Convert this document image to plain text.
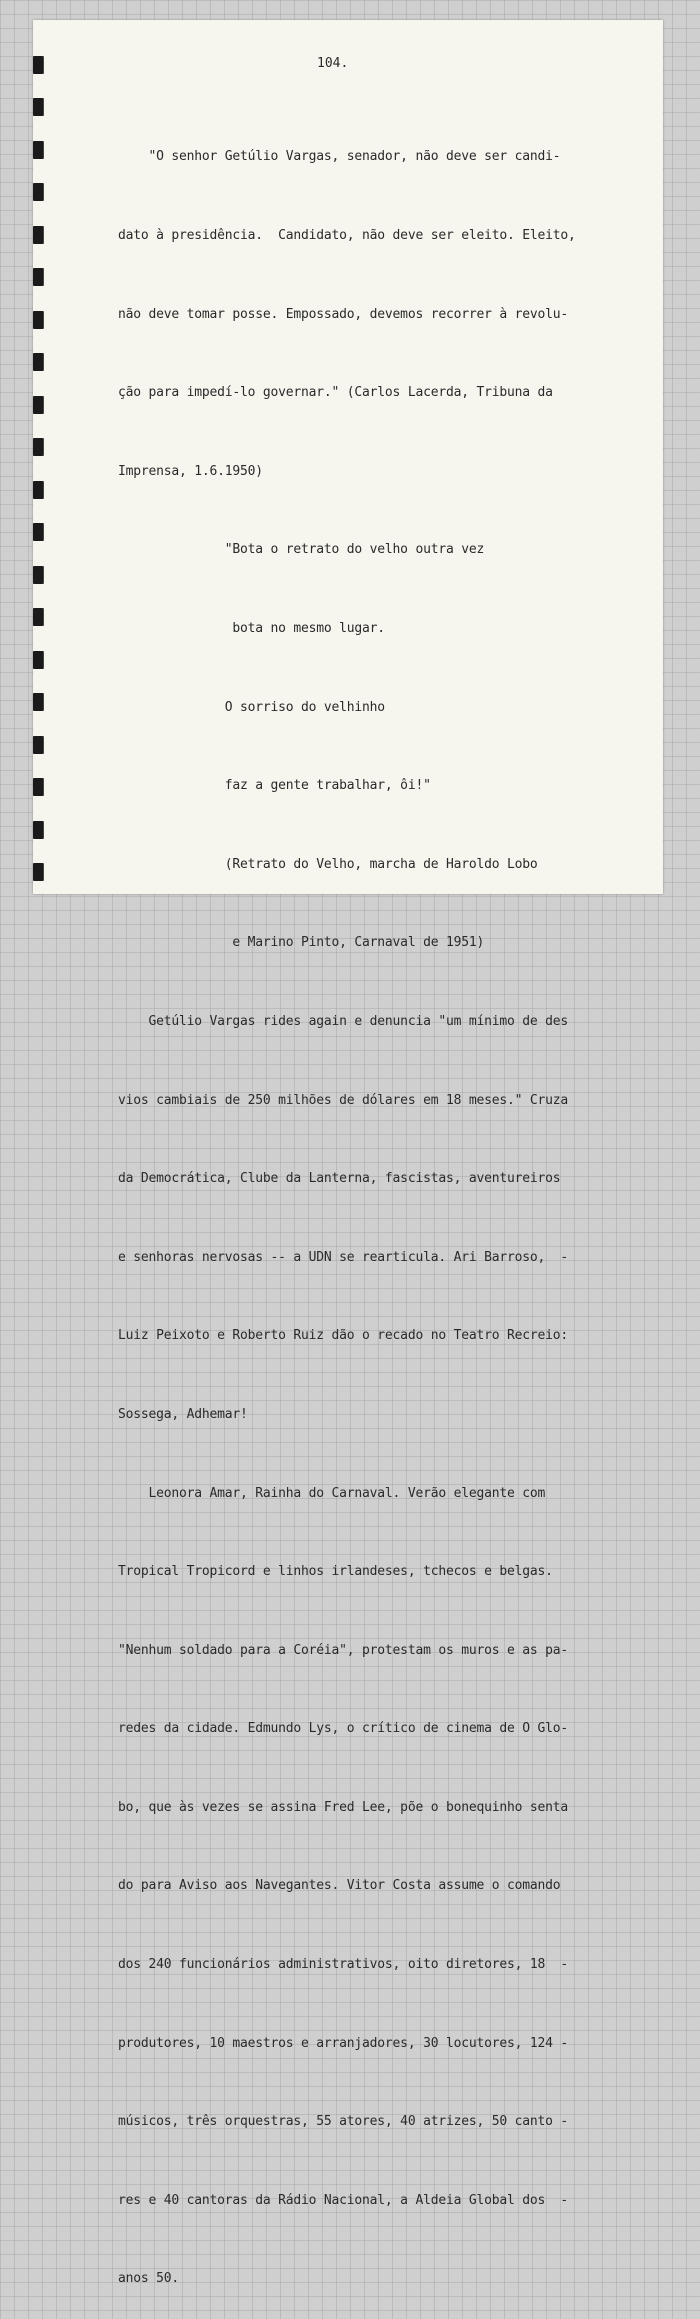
104.

"O senhor Getúlio Vargas, senador, não deve ser candi-

dato à presidência.  Candidato, não deve ser eleito. Eleito,

não deve tomar posse. Empossado, devemos recorrer à revolu-

ção para impedí-lo governar." (Carlos Lacerda, Tribuna da

Imprensa, 1.6.1950)

"Bota o retrato do velho outra vez

bota no mesmo lugar.

O sorriso do velhinho

faz a gente trabalhar, ôi!"

(Retrato do Velho, marcha de Haroldo Lobo

e Marino Pinto, Carnaval de 1951)

Getúlio Vargas rides again e denuncia "um mínimo de des

vios cambiais de 250 milhões de dólares em 18 meses." Cruza

da Democrática, Clube da Lanterna, fascistas, aventureiros

e senhoras nervosas -- a UDN se rearticula. Ari Barroso,  -

Luiz Peixoto e Roberto Ruiz dão o recado no Teatro Recreio:

Sossega, Adhemar!

Leonora Amar, Rainha do Carnaval. Verão elegante com

Tropical Tropicord e linhos irlandeses, tchecos e belgas.

"Nenhum soldado para a Coréia", protestam os muros e as pa-

redes da cidade. Edmundo Lys, o crítico de cinema de O Glo-

bo, que às vezes se assina Fred Lee, põe o bonequinho senta

do para Aviso aos Navegantes. Vitor Costa assume o comando

dos 240 funcionários administrativos, oito diretores, 18  -

produtores, 10 maestros e arranjadores, 30 locutores, 124 -

músicos, três orquestras, 55 atores, 40 atrizes, 50 canto -

res e 40 cantoras da Rádio Nacional, a Aldeia Global dos  -

anos 50.
